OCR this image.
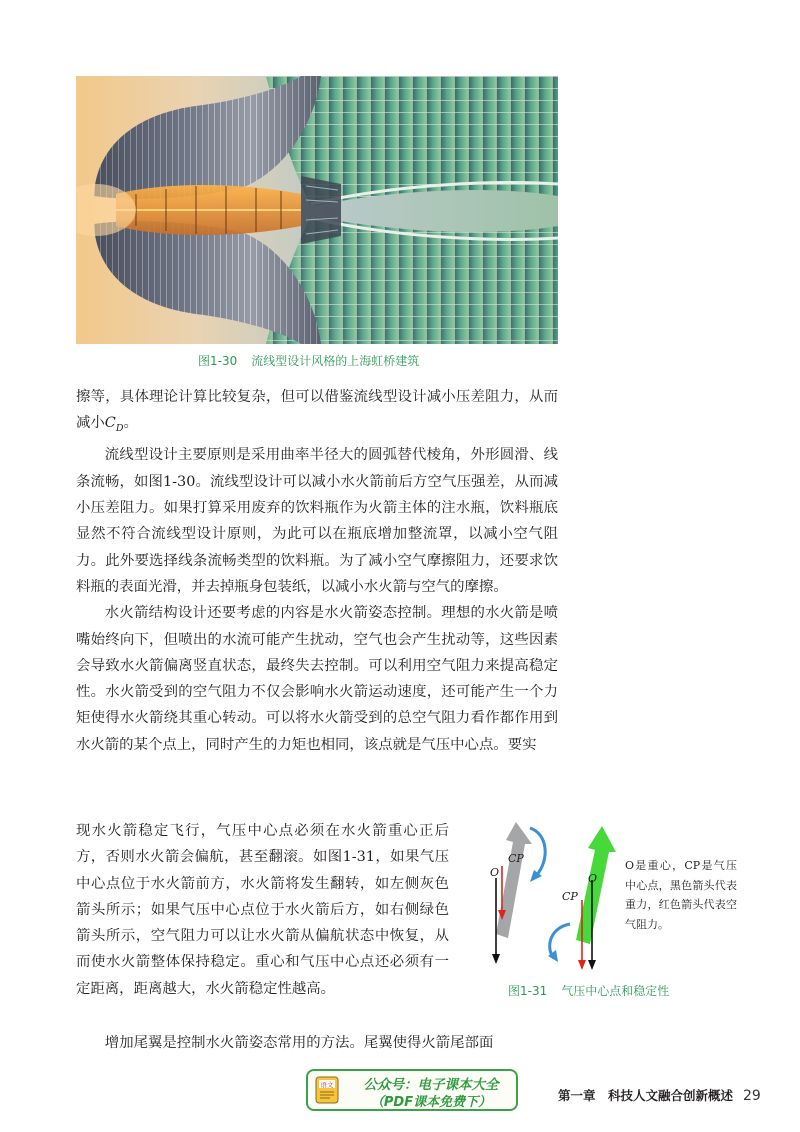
图1-30 流线型设计风格的上海虹桥建筑

擦等，具体理论计算比较复杂，但可以借鉴流线型设计减小压差阻力，从而减小$C_D$。

流线型设计主要原则是采用曲率半径大的圆弧替代棱角，外形圆滑、线条流畅，如图1-30。流线型设计可以减小水火箭前后方空气压强差，从而减小压差阻力。如果打算采用废弃的饮料瓶作为火箭主体的注水瓶，饮料瓶底显然不符合流线型设计原则，为此可以在瓶底增加整流罩，以减小空气阻力。此外要选择线条流畅类型的饮料瓶。为了减小空气摩擦阻力，还要求饮料瓶的表面光滑，并去掉瓶身包装纸，以减小水火箭与空气的摩擦。

水火箭结构设计还要考虑的内容是水火箭姿态控制。理想的水火箭是喷嘴始终向下，但喷出的水流可能产生扰动，空气也会产生扰动等，这些因素会导致水火箭偏离竖直状态，最终失去控制。可以利用空气阻力来提高稳定性。水火箭受到的空气阻力不仅会影响水火箭运动速度，还可能产生一个力矩使得水火箭绕其重心转动。可以将水火箭受到的总空气阻力看作都作用到水火箭的某个点上，同时产生的力矩也相同，该点就是气压中心点。要实

现水火箭稳定飞行，气压中心点必须在水火箭重心正后方，否则水火箭会偏航，甚至翻滚。如图1-31，如果气压中心点位于水火箭前方，水火箭将发生翻转，如左侧灰色箭头所示；如果气压中心点位于水火箭后方，如右侧绿色箭头所示，空气阻力可以让水火箭从偏航状态中恢复，从而使水火箭整体保持稳定。重心和气压中心点还必须有一定距离，距离越大，水火箭稳定性越高。

增加尾翼是控制水火箭姿态常用的方法。尾翼使得火箭尾部面

CP
O	O
CP
O是重心，CP是气压中心点，黑色箭头代表重力，红色箭头代表空气阻力。
图1-31 气压中心点和稳定性
语文	公众号：电子课本大全
（PDF课本免费下）	第一章　科技人文融合创新概述 29
